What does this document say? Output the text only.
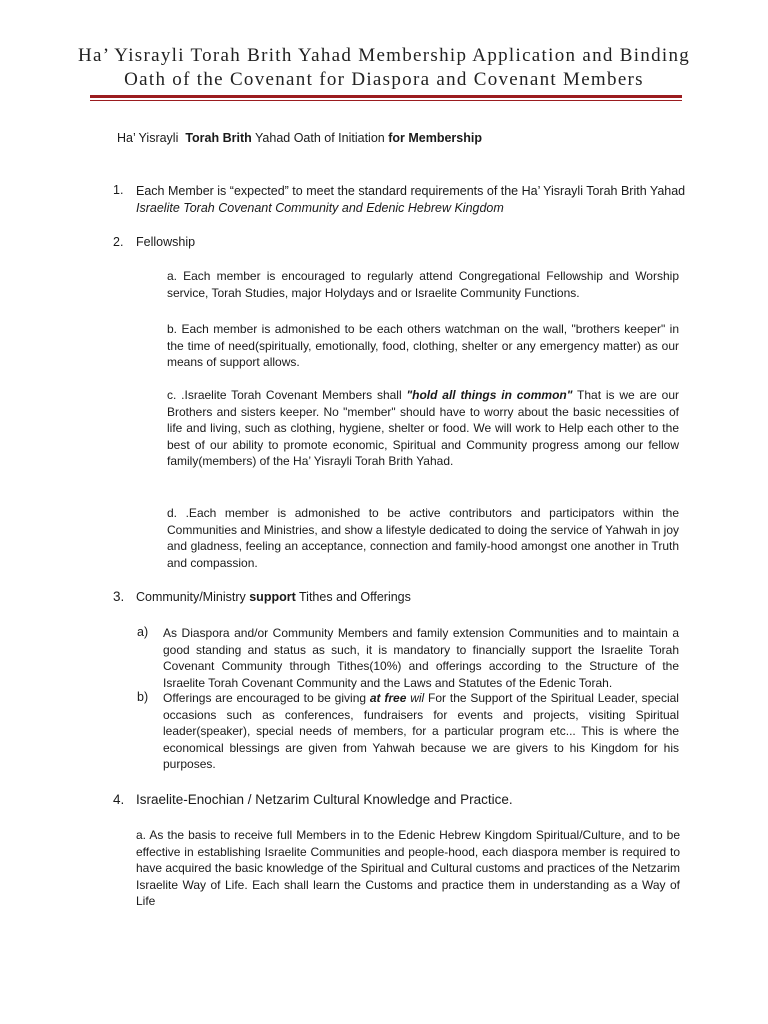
Ha’ Yisrayli Torah Brith Yahad Membership Application and Binding
Oath of the Covenant for Diaspora and Covenant Members
Ha’ Yisrayli Torah Brith Yahad Oath of Initiation for Membership
1. Each Member is “expected” to meet the standard requirements of the Ha’ Yisrayli Torah Brith Yahad
Israelite Torah Covenant Community and Edenic Hebrew Kingdom
2. Fellowship
a. Each member is encouraged to regularly attend Congregational Fellowship and Worship service, Torah Studies, major Holydays and or Israelite Community Functions.
b. Each member is admonished to be each others watchman on the wall, "brothers keeper" in the time of need(spiritually, emotionally, food, clothing, shelter or any emergency matter) as our means of support allows.
c. .Israelite Torah Covenant Members shall "hold all things in common" That is we are our Brothers and sisters keeper. No "member" should have to worry about the basic necessities of life and living, such as clothing, hygiene, shelter or food. We will work to Help each other to the best of our ability to promote economic, Spiritual and Community progress among our fellow family(members) of the Ha’ Yisrayli Torah Brith Yahad.
d. .Each member is admonished to be active contributors and participators within the Communities and Ministries, and show a lifestyle dedicated to doing the service of Yahwah in joy and gladness, feeling an acceptance, connection and family-hood amongst one another in Truth and compassion.
3. Community/Ministry support Tithes and Offerings
a) As Diaspora and/or Community Members and family extension Communities and to maintain a good standing and status as such, it is mandatory to financially support the Israelite Torah Covenant Community through Tithes(10%) and offerings according to the Structure of the Israelite Torah Covenant Community and the Laws and Statutes of the Edenic Torah.
b) Offerings are encouraged to be giving at free wil For the Support of the Spiritual Leader, special occasions such as conferences, fundraisers for events and projects, visiting Spiritual leader(speaker), special needs of members, for a particular program etc... This is where the economical blessings are given from Yahwah because we are givers to his Kingdom for his purposes.
4. Israelite-Enochian / Netzarim Cultural Knowledge and Practice.
a. As the basis to receive full Members in to the Edenic Hebrew Kingdom Spiritual/Culture, and to be effective in establishing Israelite Communities and people-hood, each diaspora member is required to have acquired the basic knowledge of the Spiritual and Cultural customs and practices of the Netzarim Israelite Way of Life. Each shall learn the Customs and practice them in understanding as a Way of Life
